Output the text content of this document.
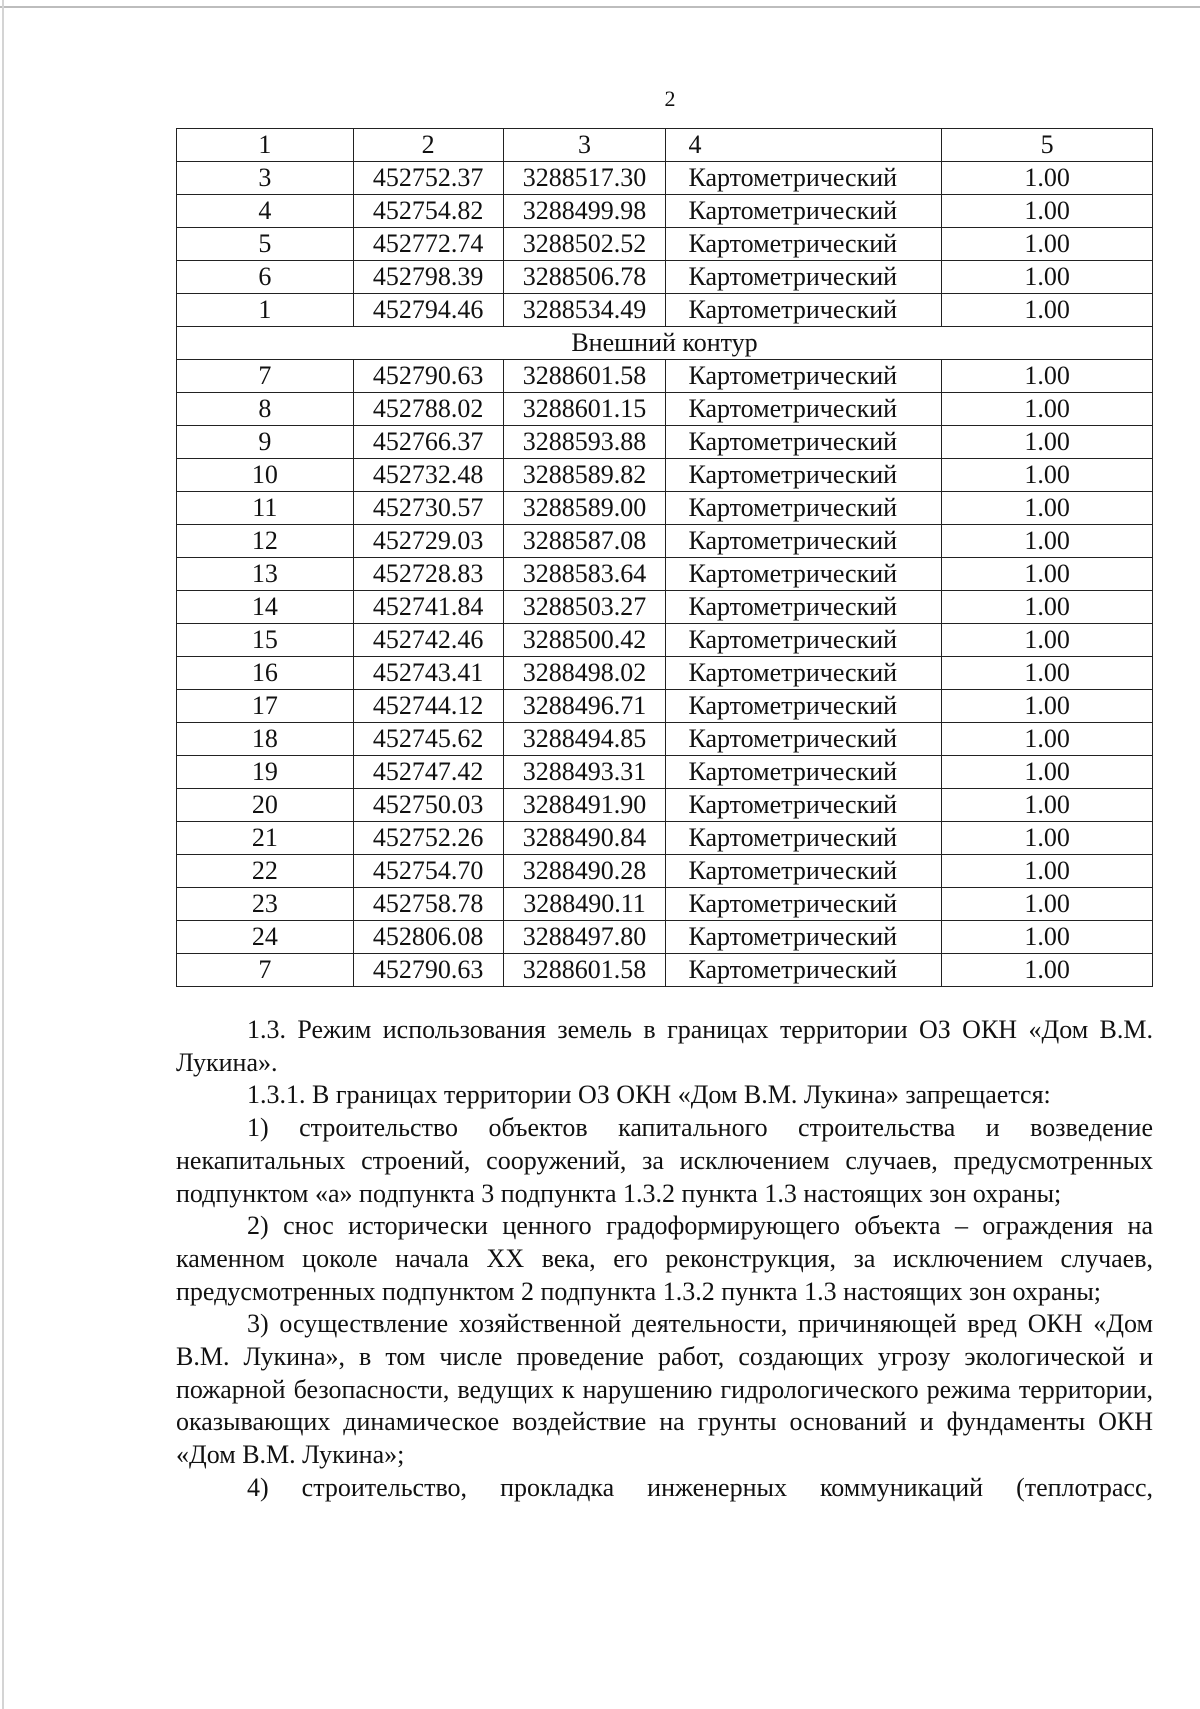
2
1	2	3	4	5
3	452752.37	3288517.30	Картометрический	1.00
4	452754.82	3288499.98	Картометрический	1.00
5	452772.74	3288502.52	Картометрический	1.00
6	452798.39	3288506.78	Картометрический	1.00
1	452794.46	3288534.49	Картометрический	1.00
Внешний контур				
7	452790.63	3288601.58	Картометрический	1.00
8	452788.02	3288601.15	Картометрический	1.00
9	452766.37	3288593.88	Картометрический	1.00
10	452732.48	3288589.82	Картометрический	1.00
11	452730.57	3288589.00	Картометрический	1.00
12	452729.03	3288587.08	Картометрический	1.00
13	452728.83	3288583.64	Картометрический	1.00
14	452741.84	3288503.27	Картометрический	1.00
15	452742.46	3288500.42	Картометрический	1.00
16	452743.41	3288498.02	Картометрический	1.00
17	452744.12	3288496.71	Картометрический	1.00
18	452745.62	3288494.85	Картометрический	1.00
19	452747.42	3288493.31	Картометрический	1.00
20	452750.03	3288491.90	Картометрический	1.00
21	452752.26	3288490.84	Картометрический	1.00
22	452754.70	3288490.28	Картометрический	1.00
23	452758.78	3288490.11	Картометрический	1.00
24	452806.08	3288497.80	Картометрический	1.00
7	452790.63	3288601.58	Картометрический	1.00

1.3. Режим использования земель в границах территории ОЗ ОКН «Дом В.М. Лукина».

1.3.1. В границах территории ОЗ ОКН «Дом В.М. Лукина» запрещается:

1) строительство объектов капитального строительства и возведение некапитальных строений, сооружений, за исключением случаев, предусмотренных подпунктом «а» подпункта 3 подпункта 1.3.2 пункта 1.3 настоящих зон охраны;

2) снос исторически ценного градоформирующего объекта – ограждения на каменном цоколе начала XX века, его реконструкция, за исключением случаев, предусмотренных подпунктом 2 подпункта 1.3.2 пункта 1.3 настоящих зон охраны;

3) осуществление хозяйственной деятельности, причиняющей вред ОКН «Дом В.М. Лукина», в том числе проведение работ, создающих угрозу экологической и пожарной безопасности, ведущих к нарушению гидрологического режима территории, оказывающих динамическое воздействие на грунты оснований и фундаменты ОКН «Дом В.М. Лукина»;

4) строительство, прокладка инженерных коммуникаций (теплотрасс,
